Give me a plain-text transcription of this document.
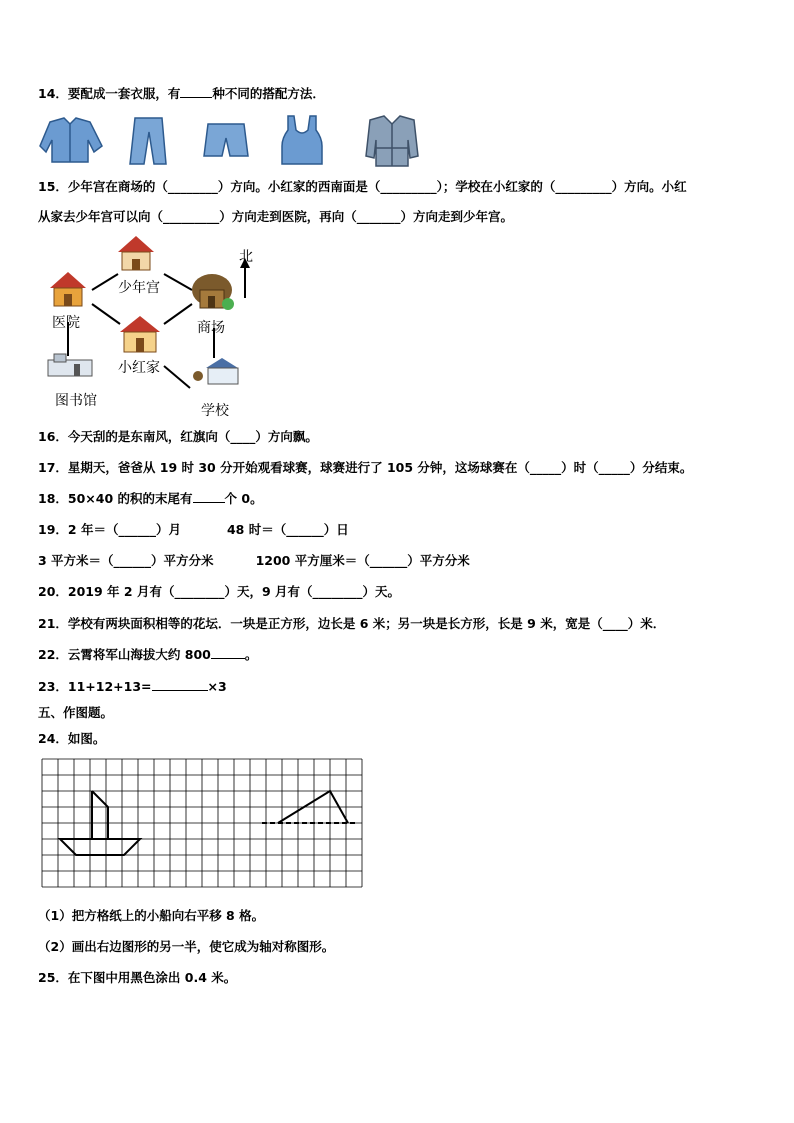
14．要配成一套衣服，有	种不同的搭配方法．
15．少年宫在商场的（________）方向。小红家的西南面是（_________）；学校在小红家的（_________）方向。小红
从家去少年宫可以向（_________）方向走到医院，再向（_______）方向走到少年宫。
北
少年宫
医院	商场
小红家
图书馆
学校
16．今天刮的是东南风，红旗向（____）方向飘。
17．星期天，爸爸从 19 时 30 分开始观看球赛，球赛进行了 105 分钟，这场球赛在（_____）时（_____）分结束。
18．50×40 的积的末尾有	个 0。
19．2 年＝（______）月	48 时＝（______）日
3 平方米＝（______）平方分米	1200 平方厘米＝（______）平方分米
20．2019 年 2 月有（________）天，9 月有（________）天。
21．学校有两块面积相等的花坛．一块是正方形，边长是 6 米；另一块是长方形，长是 9 米，宽是（____）米．
22．云霄将军山海拔大约 800	。
23．11+12+13=	×3
五、作图题。
24．如图。
（1）把方格纸上的小船向右平移 8 格。
（2）画出右边图形的另一半，使它成为轴对称图形。
25．在下图中用黑色涂出 0.4 米。
